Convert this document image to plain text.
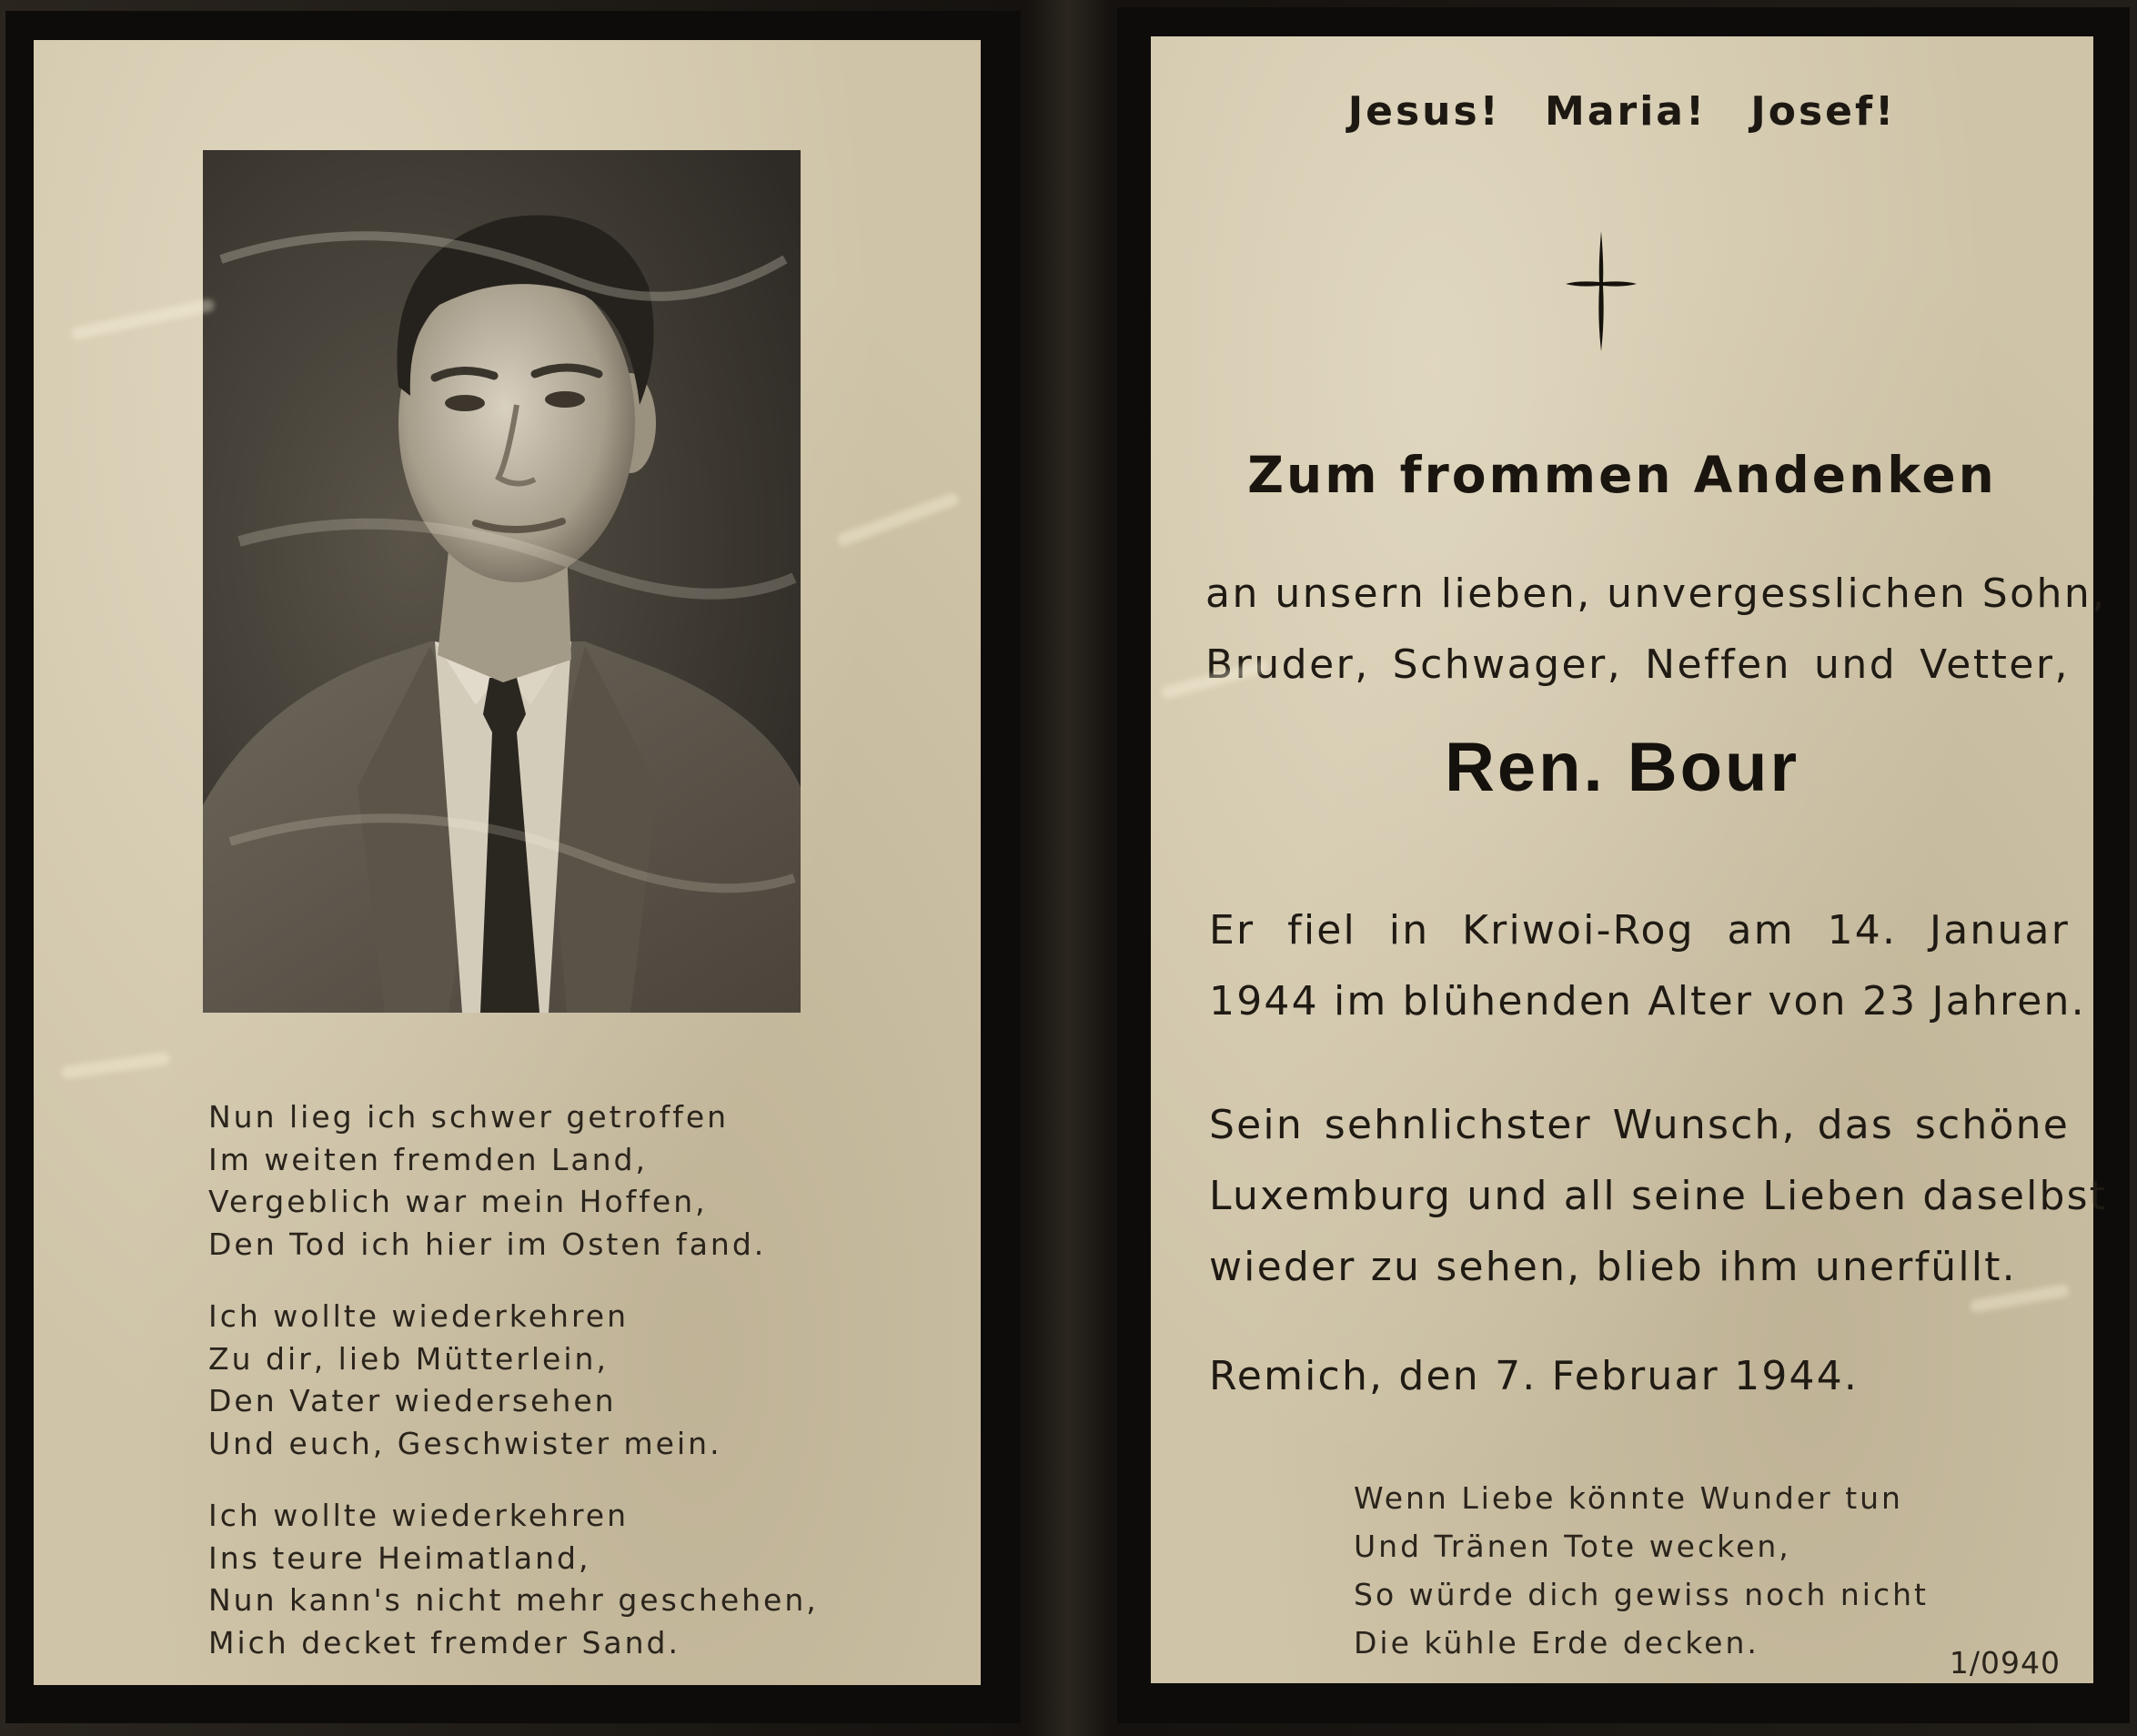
Nun lieg ich schwer getroffen
Im weiten fremden Land,
Vergeblich war mein Hoffen,
Den Tod ich hier im Osten fand.
Ich wollte wiederkehren
Zu dir, lieb Mütterlein,
Den Vater wiedersehen
Und euch, Geschwister mein.
Ich wollte wiederkehren
Ins teure Heimatland,
Nun kann's nicht mehr geschehen,
Mich decket fremder Sand.
Jesus! Maria! Josef!
Zum frommen Andenken
an unsern lieben, unvergesslichen Sohn,
Bruder, Schwager, Neffen und Vetter,
Ren. Bour
Er fiel in Kriwoi-Rog am 14. Januar
1944 im blühenden Alter von 23 Jahren.
Sein sehnlichster Wunsch, das schöne
Luxemburg und all seine Lieben daselbst
wieder zu sehen, blieb ihm unerfüllt.
Remich, den 7. Februar 1944.
Wenn Liebe könnte Wunder tun
Und Tränen Tote wecken,
So würde dich gewiss noch nicht
Die kühle Erde decken.
1/0940
